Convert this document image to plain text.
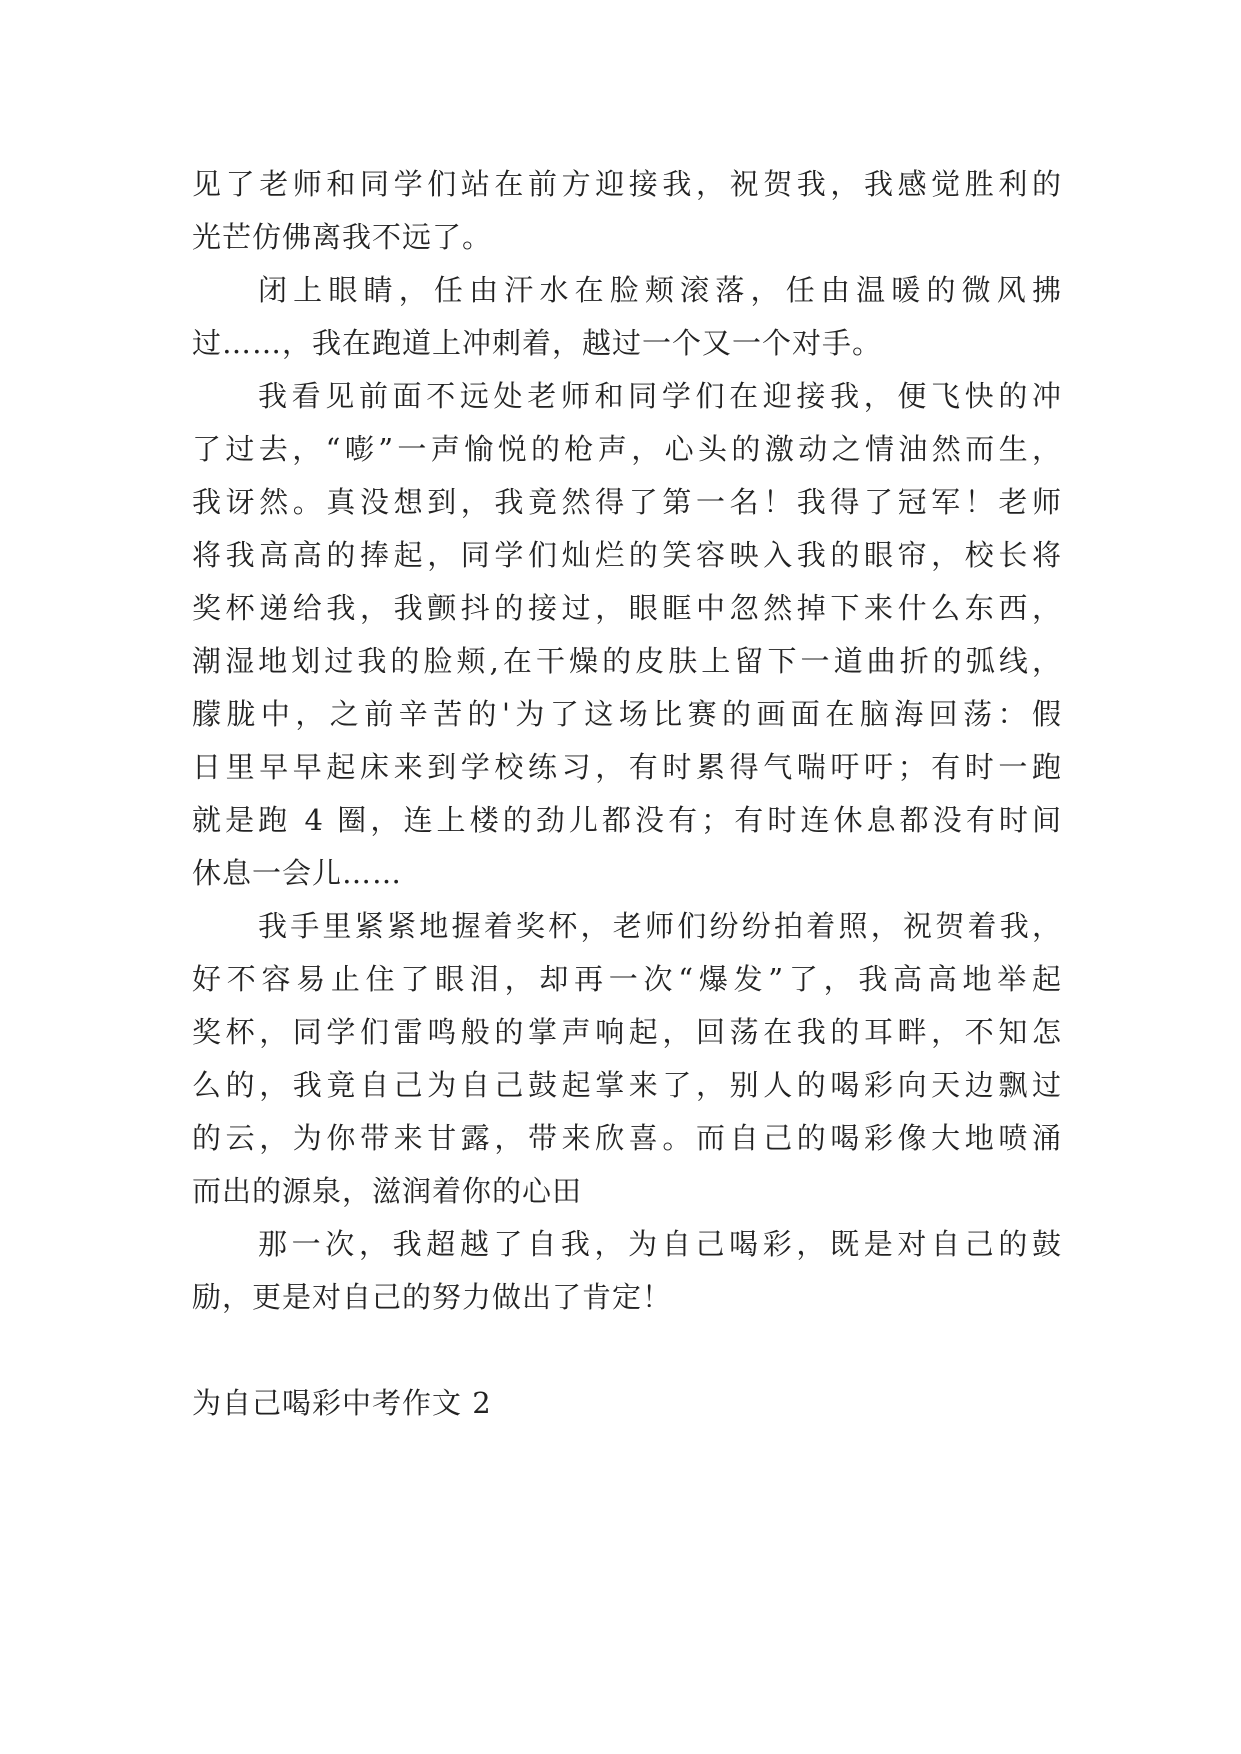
见了老师和同学们站在前方迎接我，祝贺我，我感觉胜利的
光芒仿佛离我不远了。
闭上眼睛，任由汗水在脸颊滚落，任由温暖的微风拂
过……，我在跑道上冲刺着，越过一个又一个对手。
我看见前面不远处老师和同学们在迎接我，便飞快的冲
了过去，“嘭”一声愉悦的枪声，心头的激动之情油然而生，
我讶然。真没想到，我竟然得了第一名！我得了冠军！老师
将我高高的捧起，同学们灿烂的笑容映入我的眼帘，校长将
奖杯递给我，我颤抖的接过，眼眶中忽然掉下来什么东西，
潮湿地划过我的脸颊,在干燥的皮肤上留下一道曲折的弧线，
朦胧中，之前辛苦的'为了这场比赛的画面在脑海回荡：假
日里早早起床来到学校练习，有时累得气喘吁吁；有时一跑
就是跑 4 圈，连上楼的劲儿都没有；有时连休息都没有时间
休息一会儿……
我手里紧紧地握着奖杯，老师们纷纷拍着照，祝贺着我，
好不容易止住了眼泪，却再一次“爆发”了，我高高地举起
奖杯，同学们雷鸣般的掌声响起，回荡在我的耳畔，不知怎
么的，我竟自己为自己鼓起掌来了，别人的喝彩向天边飘过
的云，为你带来甘露，带来欣喜。而自己的喝彩像大地喷涌
而出的源泉，滋润着你的心田
那一次，我超越了自我，为自己喝彩，既是对自己的鼓
励，更是对自己的努力做出了肯定！
为自己喝彩中考作文 2
